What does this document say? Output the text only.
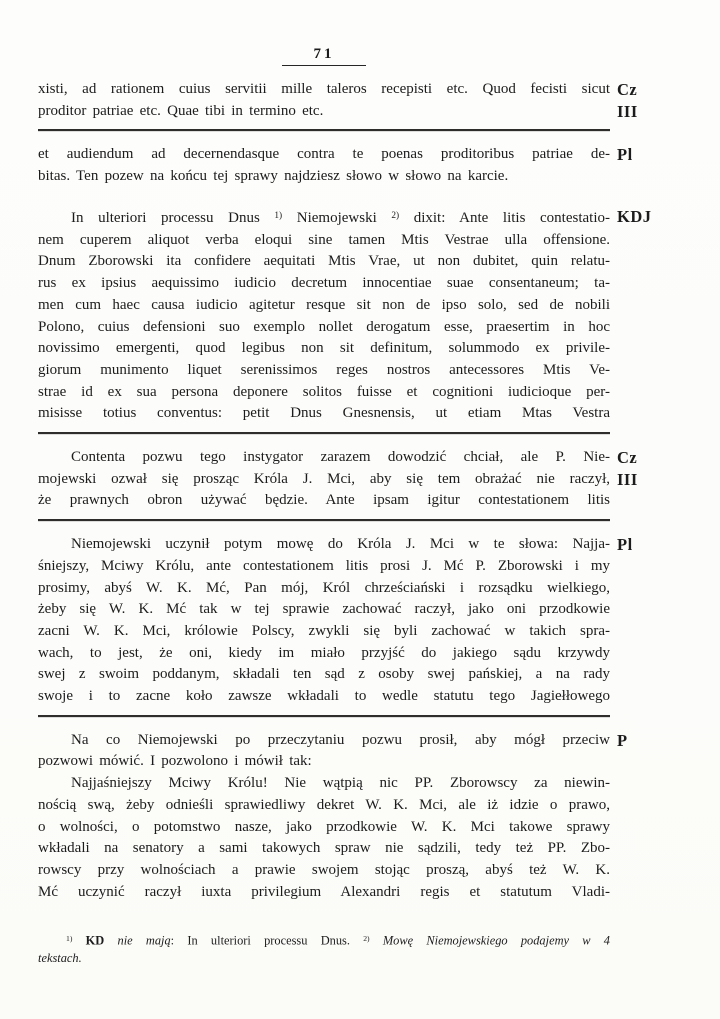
71
xisti, ad rationem cuius servitii mille taleros recepisti etc. Quod fecisti sicut
proditor patriae etc. Quae tibi in termino etc.
Cz
III
et audiendum ad decernendasque contra te poenas proditoribus patriae de-
bitas. Ten pozew na końcu tej sprawy najdziesz słowo w słowo na karcie.
Pl
In ulteriori processu Dnus $^{1)}$ Niemojewski $^{2)}$ dixit: Ante litis contestatio-
nem cuperem aliquot verba eloqui sine tamen Mtis Vestrae ulla offensione.
Dnum Zborowski ita confidere aequitati Mtis Vrae, ut non dubitet, quin relatu-
rus ex ipsius aequissimo iudicio decretum innocentiae suae consentaneum; ta-
men cum haec causa iudicio agitetur resque sit non de ipso solo, sed de nobili
Polono, cuius defensioni suo exemplo nollet derogatum esse, praesertim in hoc
novissimo emergenti, quod legibus non sit definitum, solummodo ex privile-
giorum munimento liquet serenissimos reges nostros antecessores Mtis Ve-
strae id ex sua persona deponere solitos fuisse et cognitioni iudicioque per-
misisse totius conventus: petit Dnus Gnesnensis, ut etiam Mtas Vestra
KDJ
Contenta pozwu tego instygator zarazem dowodzić chciał, ale P. Nie-
mojewski ozwał się prosząc Króla J. Mci, aby się tem obrażać nie raczył,
że prawnych obron używać będzie. Ante ipsam igitur contestationem litis
Cz
III
Niemojewski uczynił potym mowę do Króla J. Mci w te słowa: Najja-
śniejszy, Mciwy Królu, ante contestationem litis prosi J. Mć P. Zborowski i my
prosimy, abyś W. K. Mć, Pan mój, Król chrześciański i rozsądku wielkiego,
żeby się W. K. Mć tak w tej sprawie zachować raczył, jako oni przodkowie
zacni W. K. Mci, królowie Polscy, zwykli się byli zachować w takich spra-
wach, to jest, że oni, kiedy im miało przyjść do jakiego sądu krzywdy
swej z swoim poddanym, składali ten sąd z osoby swej pańskiej, a na rady
swoje i to zacne koło zawsze wkładali to wedle statutu tego Jagiełłowego
Pl
Na co Niemojewski po przeczytaniu pozwu prosił, aby mógł przeciw
pozwowi mówić. I pozwolono i mówił tak:
Najjaśniejszy Mciwy Królu! Nie wątpią nic PP. Zborowscy za niewin-
nością swą, żeby odnieśli sprawiedliwy dekret W. K. Mci, ale iż idzie o prawo,
o wolności, o potomstwo nasze, jako przodkowie W. K. Mci takowe sprawy
wkładali na senatory a sami takowych spraw nie sądzili, tedy też PP. Zbo-
rowscy przy wolnościach a prawie swojem stojąc proszą, abyś też W. K.
Mć uczynić raczył iuxta privilegium Alexandri regis et statutum Vladi-
P
$^{1)}$ KD nie mają: In ulteriori processu Dnus. $^{2)}$ Mowę Niemojewskiego podajemy w 4
tekstach.
